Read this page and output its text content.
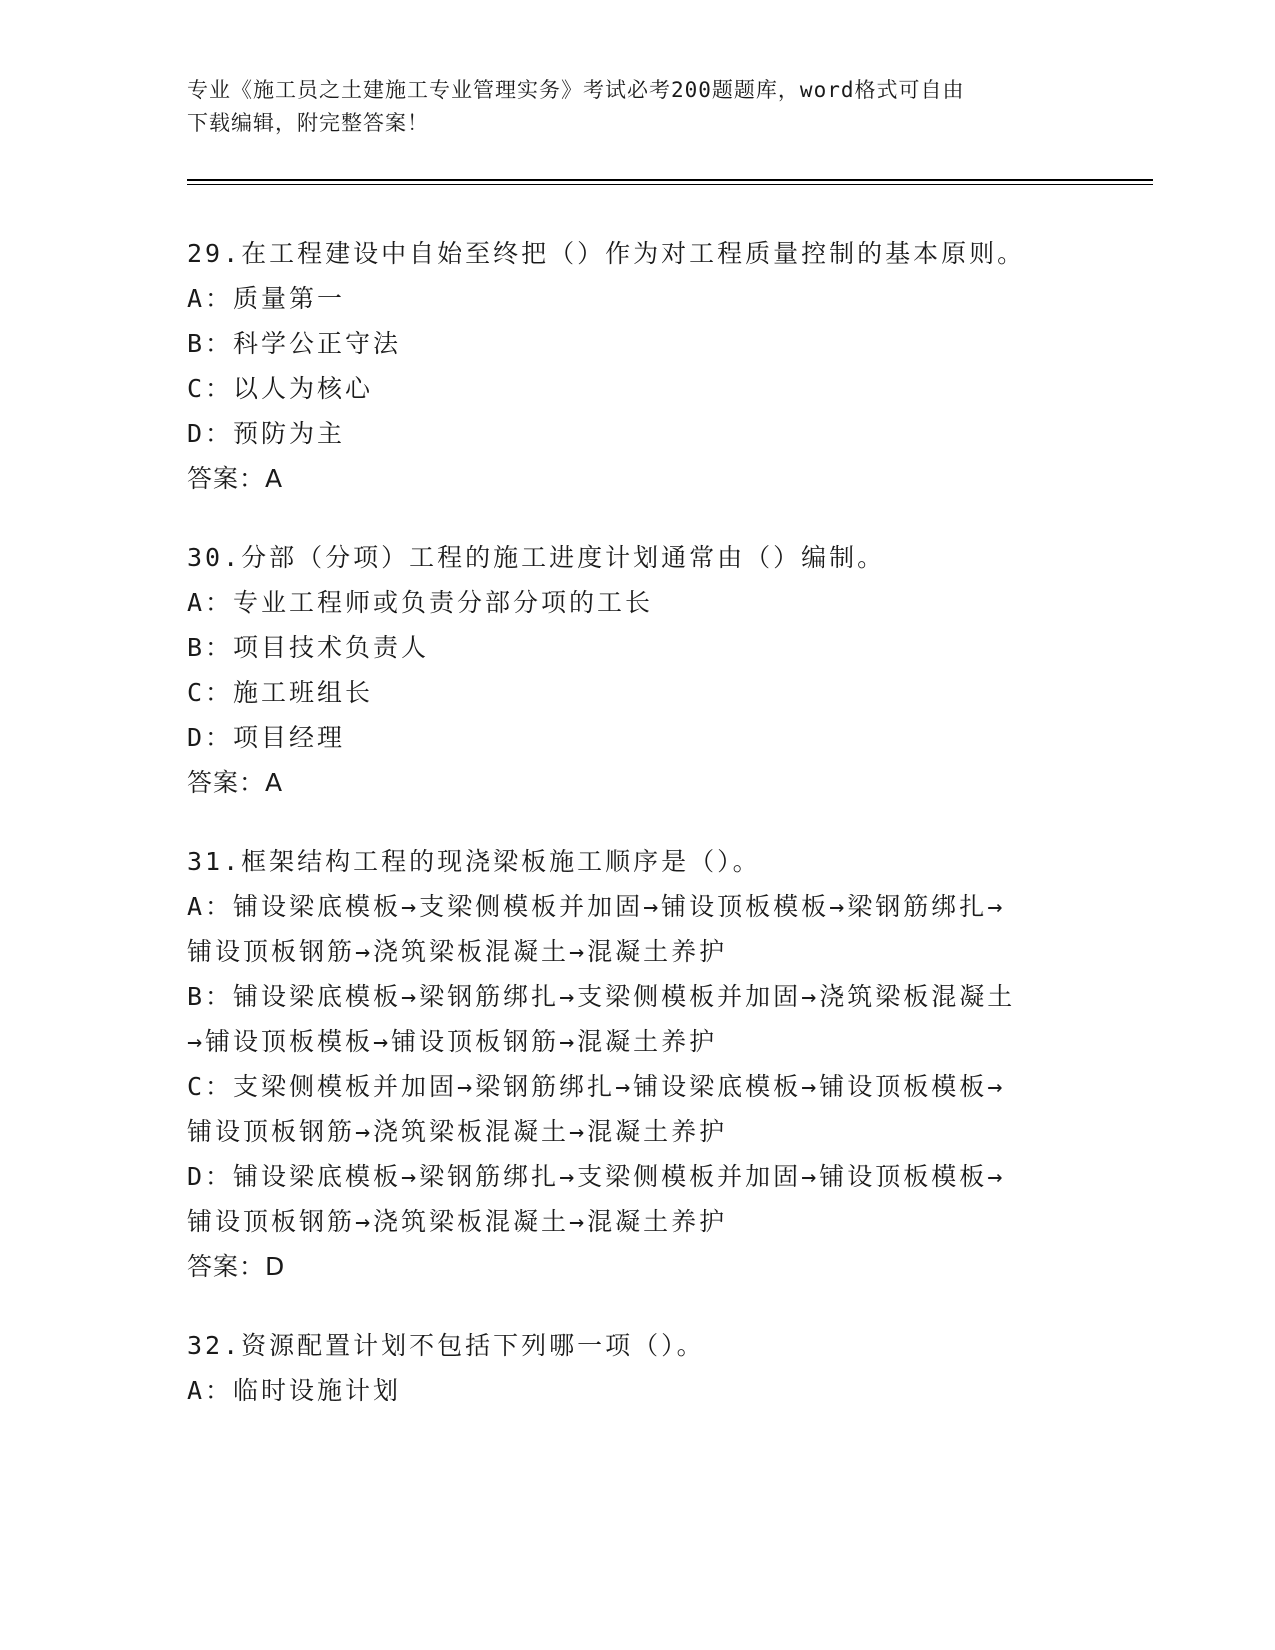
专业《施工员之土建施工专业管理实务》考试必考200题题库，word格式可自由
下载编辑，附完整答案！
29.在工程建设中自始至终把（）作为对工程质量控制的基本原则。
A：质量第一
B：科学公正守法
C：以人为核心
D：预防为主
答案：A
30.分部（分项）工程的施工进度计划通常由（）编制。
A：专业工程师或负责分部分项的工长
B：项目技术负责人
C：施工班组长
D：项目经理
答案：A
31.框架结构工程的现浇梁板施工顺序是（）。
A：铺设梁底模板→支梁侧模板并加固→铺设顶板模板→梁钢筋绑扎→
铺设顶板钢筋→浇筑梁板混凝土→混凝土养护
B：铺设梁底模板→梁钢筋绑扎→支梁侧模板并加固→浇筑梁板混凝土
→铺设顶板模板→铺设顶板钢筋→混凝土养护
C：支梁侧模板并加固→梁钢筋绑扎→铺设梁底模板→铺设顶板模板→
铺设顶板钢筋→浇筑梁板混凝土→混凝土养护
D：铺设梁底模板→梁钢筋绑扎→支梁侧模板并加固→铺设顶板模板→
铺设顶板钢筋→浇筑梁板混凝土→混凝土养护
答案：D
32.资源配置计划不包括下列哪一项（）。
A：临时设施计划
